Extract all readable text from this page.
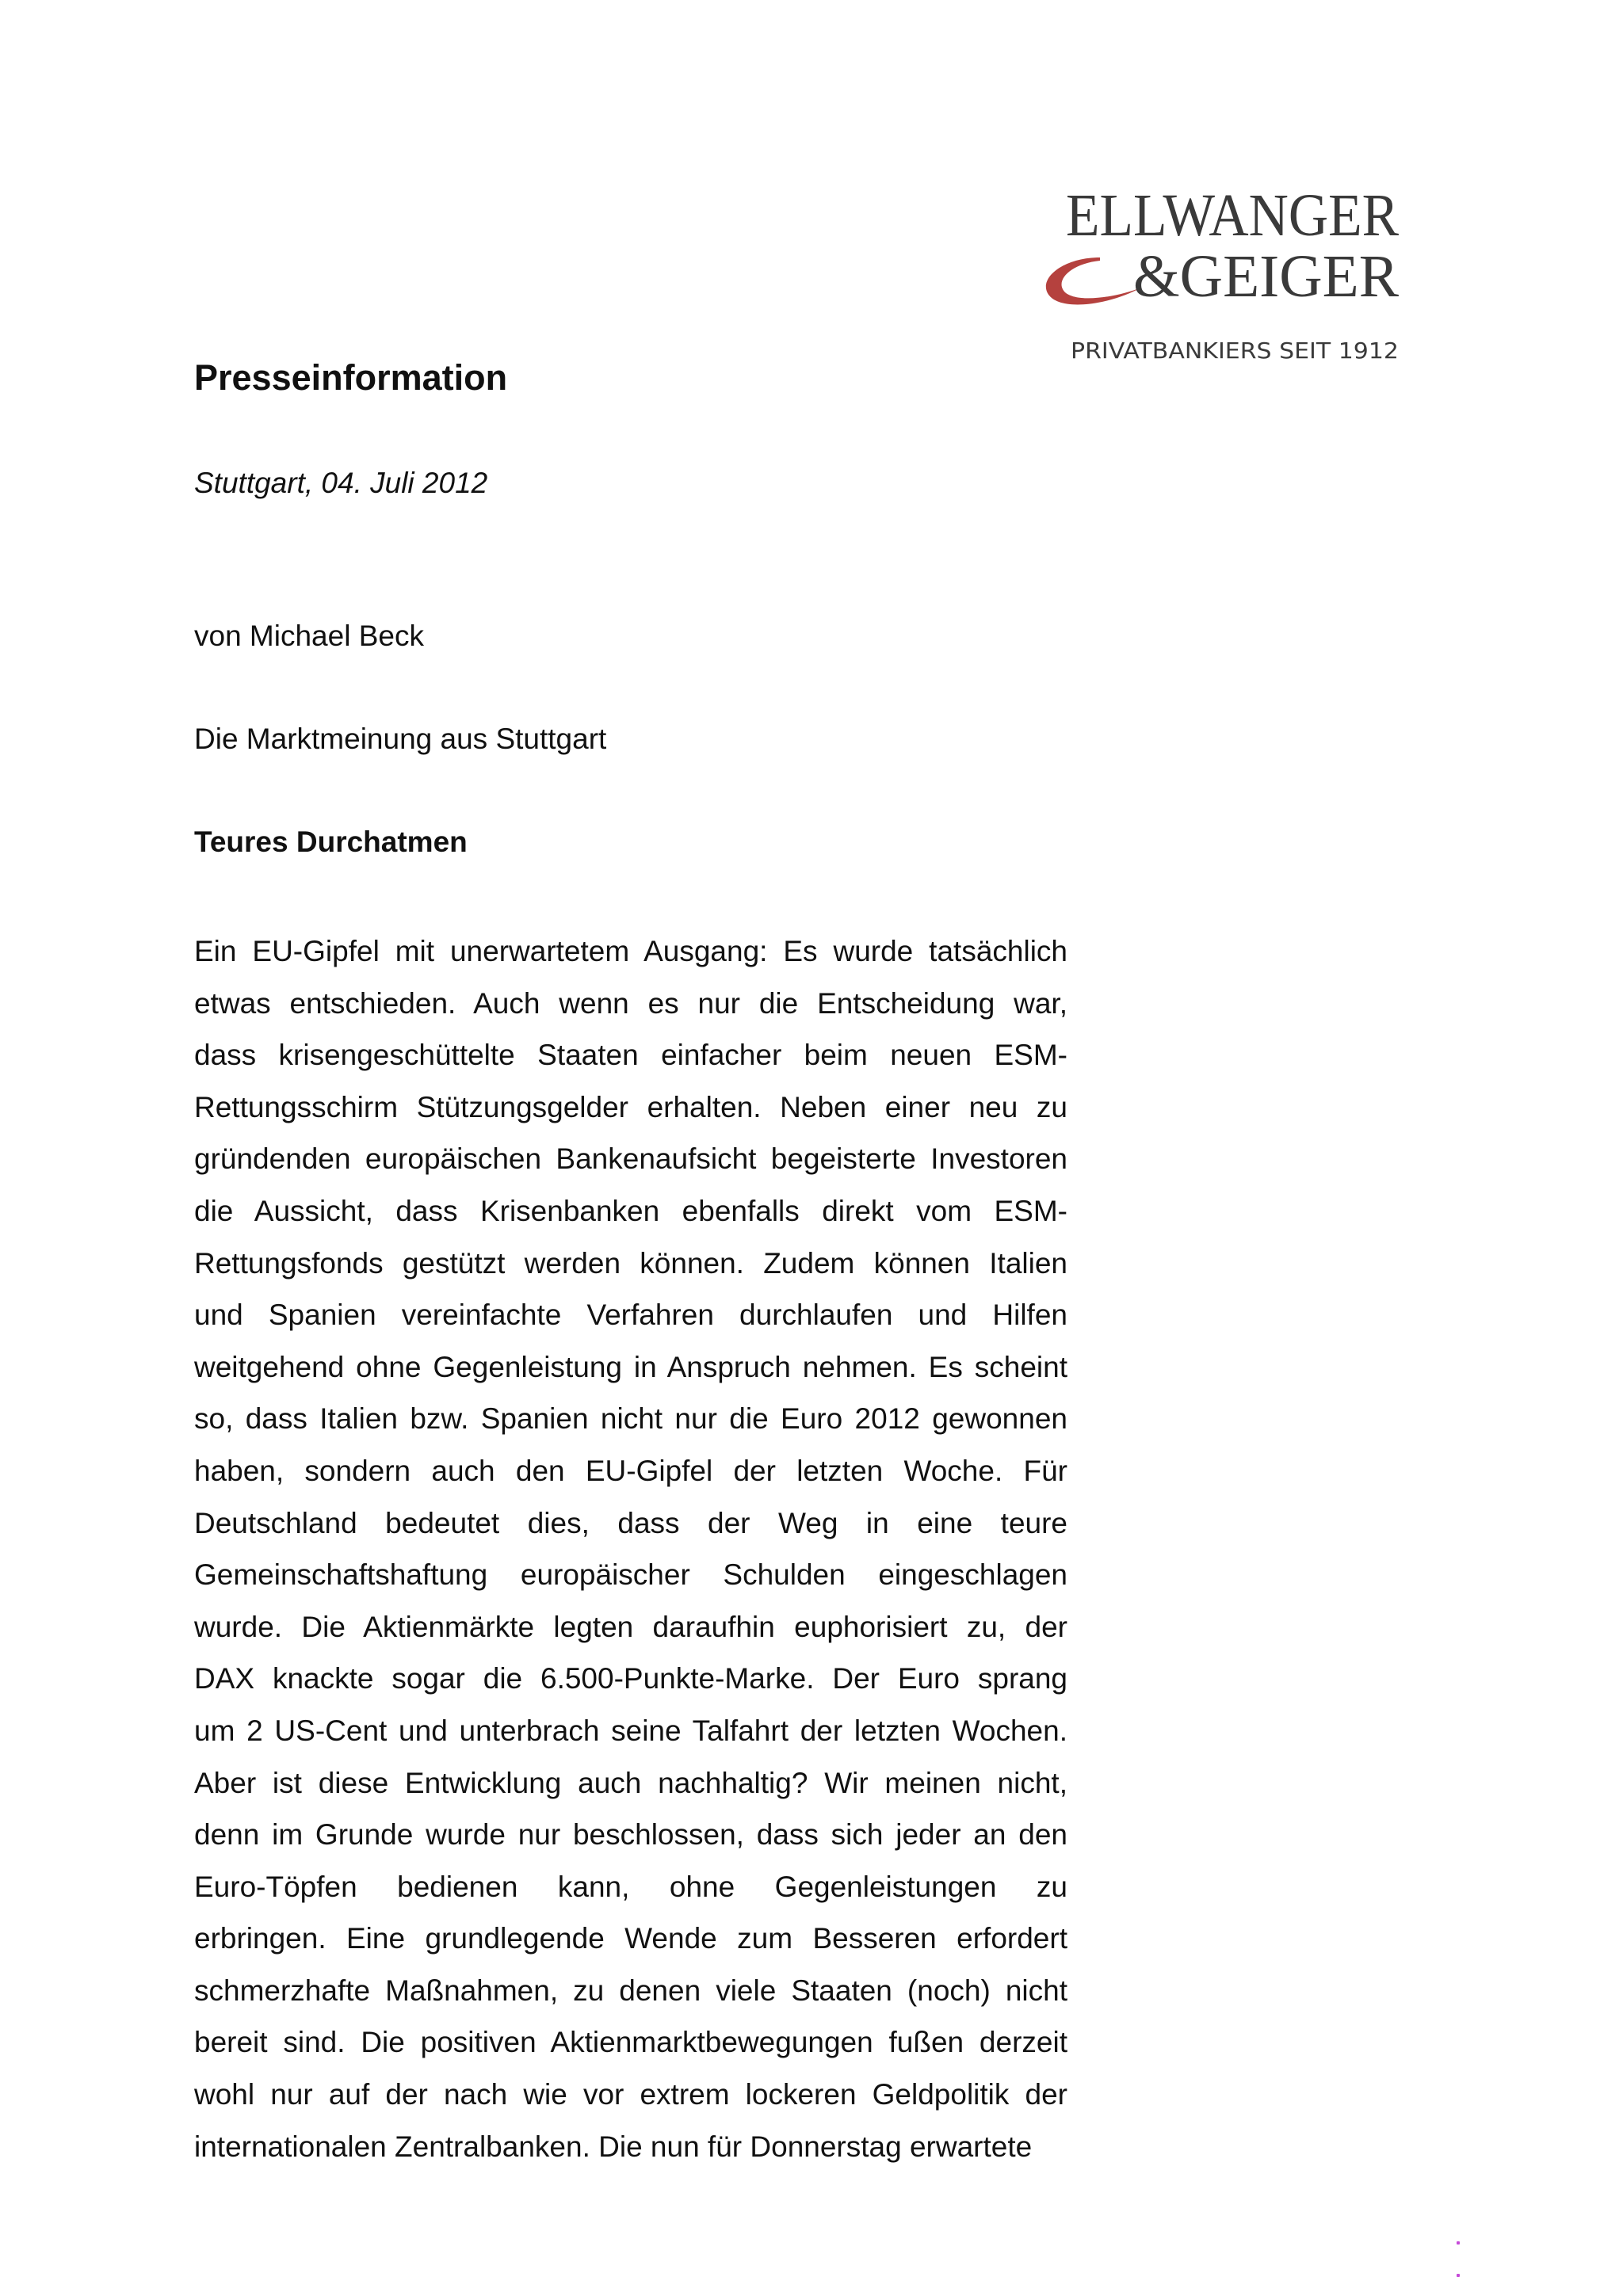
ELLWANGER
&GEIGER
PRIVATBANKIERS SEIT 1912
Presseinformation
Stuttgart, 04. Juli 2012
von Michael Beck
Die Marktmeinung aus Stuttgart
Teures Durchatmen
Ein EU-Gipfel mit unerwartetem Ausgang: Es wurde tatsächlich
etwas entschieden. Auch wenn es nur die Entscheidung war,
dass krisengeschüttelte Staaten einfacher beim neuen ESM-
Rettungsschirm Stützungsgelder erhalten. Neben einer neu zu
gründenden europäischen Bankenaufsicht begeisterte Investoren
die Aussicht, dass Krisenbanken ebenfalls direkt vom ESM-
Rettungsfonds gestützt werden können. Zudem können Italien
und Spanien vereinfachte Verfahren durchlaufen und Hilfen
weitgehend ohne Gegenleistung in Anspruch nehmen. Es scheint
so, dass Italien bzw. Spanien nicht nur die Euro 2012 gewonnen
haben, sondern auch den EU-Gipfel der letzten Woche. Für
Deutschland bedeutet dies, dass der Weg in eine teure
Gemeinschaftshaftung europäischer Schulden eingeschlagen
wurde. Die Aktienmärkte legten daraufhin euphorisiert zu, der
DAX knackte sogar die 6.500-Punkte-Marke. Der Euro sprang
um 2 US-Cent und unterbrach seine Talfahrt der letzten Wochen.
Aber ist diese Entwicklung auch nachhaltig? Wir meinen nicht,
denn im Grunde wurde nur beschlossen, dass sich jeder an den
Euro-Töpfen bedienen kann, ohne Gegenleistungen zu
erbringen. Eine grundlegende Wende zum Besseren erfordert
schmerzhafte Maßnahmen, zu denen viele Staaten (noch) nicht
bereit sind. Die positiven Aktienmarktbewegungen fußen derzeit
wohl nur auf der nach wie vor extrem lockeren Geldpolitik der
internationalen Zentralbanken. Die nun für Donnerstag erwartete
